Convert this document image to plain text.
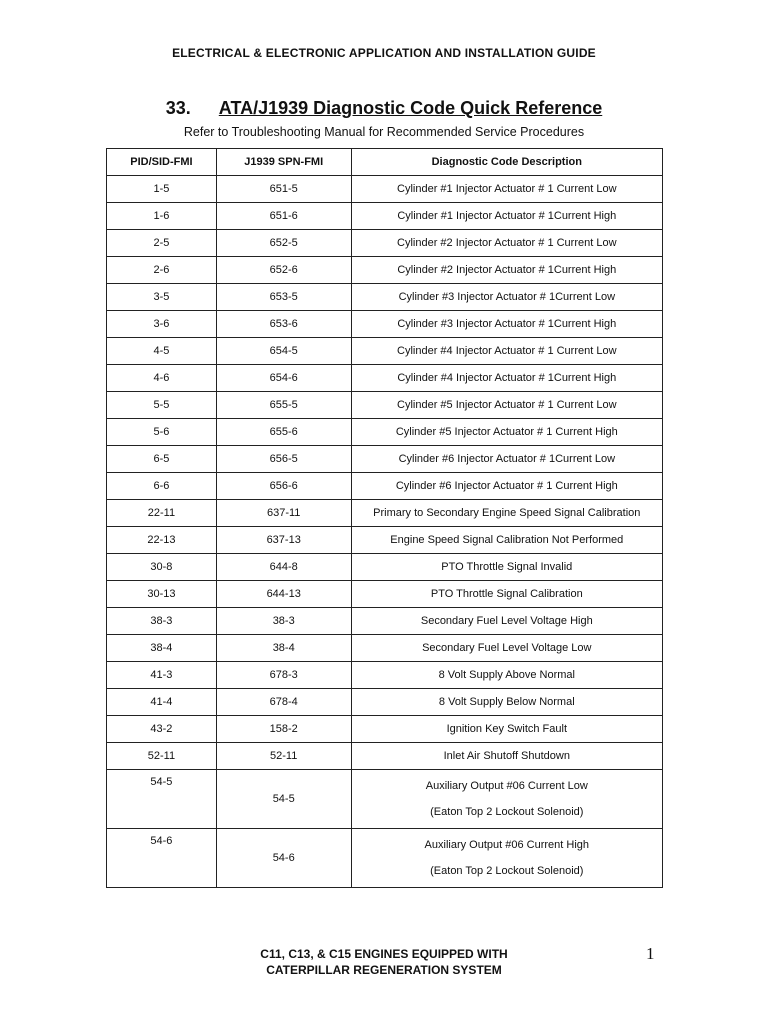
ELECTRICAL & ELECTRONIC APPLICATION AND INSTALLATION GUIDE
33. ATA/J1939 Diagnostic Code Quick Reference
Refer to Troubleshooting Manual for Recommended Service Procedures
PID/SID-FMI	J1939 SPN-FMI	Diagnostic Code Description
1-5	651-5	Cylinder #1 Injector Actuator # 1 Current Low
1-6	651-6	Cylinder #1 Injector Actuator # 1Current High
2-5	652-5	Cylinder #2 Injector Actuator # 1 Current Low
2-6	652-6	Cylinder #2 Injector Actuator # 1Current High
3-5	653-5	Cylinder #3 Injector Actuator # 1Current Low
3-6	653-6	Cylinder #3 Injector Actuator # 1Current High
4-5	654-5	Cylinder #4 Injector Actuator # 1 Current Low
4-6	654-6	Cylinder #4 Injector Actuator # 1Current High
5-5	655-5	Cylinder #5 Injector Actuator # 1 Current Low
5-6	655-6	Cylinder #5 Injector Actuator # 1 Current High
6-5	656-5	Cylinder #6 Injector Actuator # 1Current Low
6-6	656-6	Cylinder #6 Injector Actuator # 1 Current High
22-11	637-11	Primary to Secondary Engine Speed Signal Calibration
22-13	637-13	Engine Speed Signal Calibration Not Performed
30-8	644-8	PTO Throttle Signal Invalid
30-13	644-13	PTO Throttle Signal Calibration
38-3	38-3	Secondary Fuel Level Voltage High
38-4	38-4	Secondary Fuel Level Voltage Low
41-3	678-3	8 Volt Supply Above Normal
41-4	678-4	8 Volt Supply Below Normal
43-2	158-2	Ignition Key Switch Fault
52-11	52-11	Inlet Air Shutoff Shutdown
54-5	54-5	Auxiliary Output #06 Current Low
(Eaton Top 2 Lockout Solenoid)

54-6	54-6	Auxiliary Output #06 Current High
(Eaton Top 2 Lockout Solenoid)
C11, C13, & C15 ENGINES EQUIPPED WITH
CATERPILLAR REGENERATION SYSTEM
1
